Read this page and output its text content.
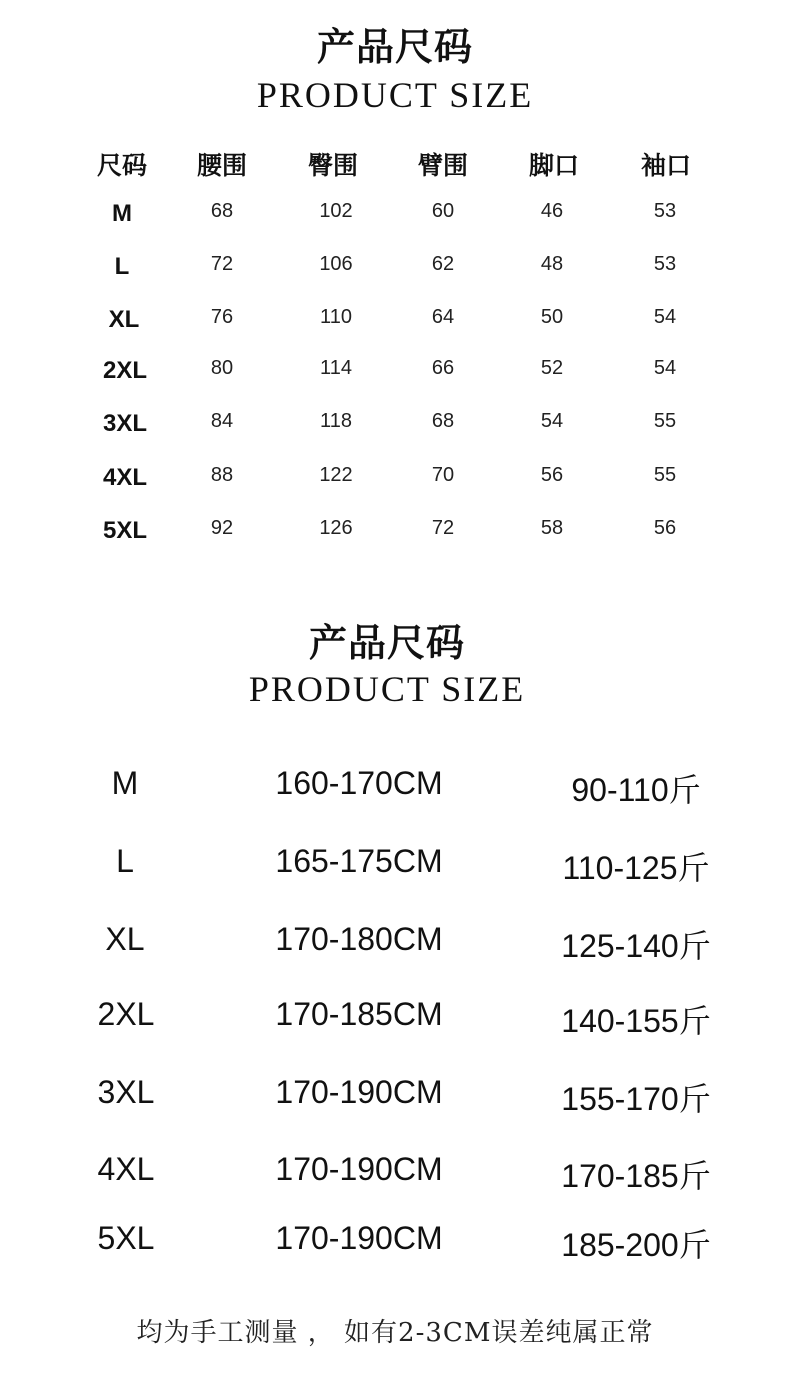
产品尺码
PRODUCT SIZE
尺码 腰围 臀围 臂围 脚口 袖口
M	68	102	60	46	53
L	72	106	62	48	53
XL	76	110	64	50	54
2XL	80	114	66	52	54
3XL	84	118	68	54	55
4XL	88	122	70	56	55
5XL	92	126	72	58	56
产品尺码
PRODUCT SIZE
M	160-170CM	90-110斤
L	165-175CM	110-125斤
XL	170-180CM	125-140斤
2XL	170-185CM	140-155斤
3XL	170-190CM	155-170斤
4XL	170-190CM	170-185斤
5XL	170-190CM	185-200斤
均为手工测量 ， 如有2-3CM误差纯属正常
